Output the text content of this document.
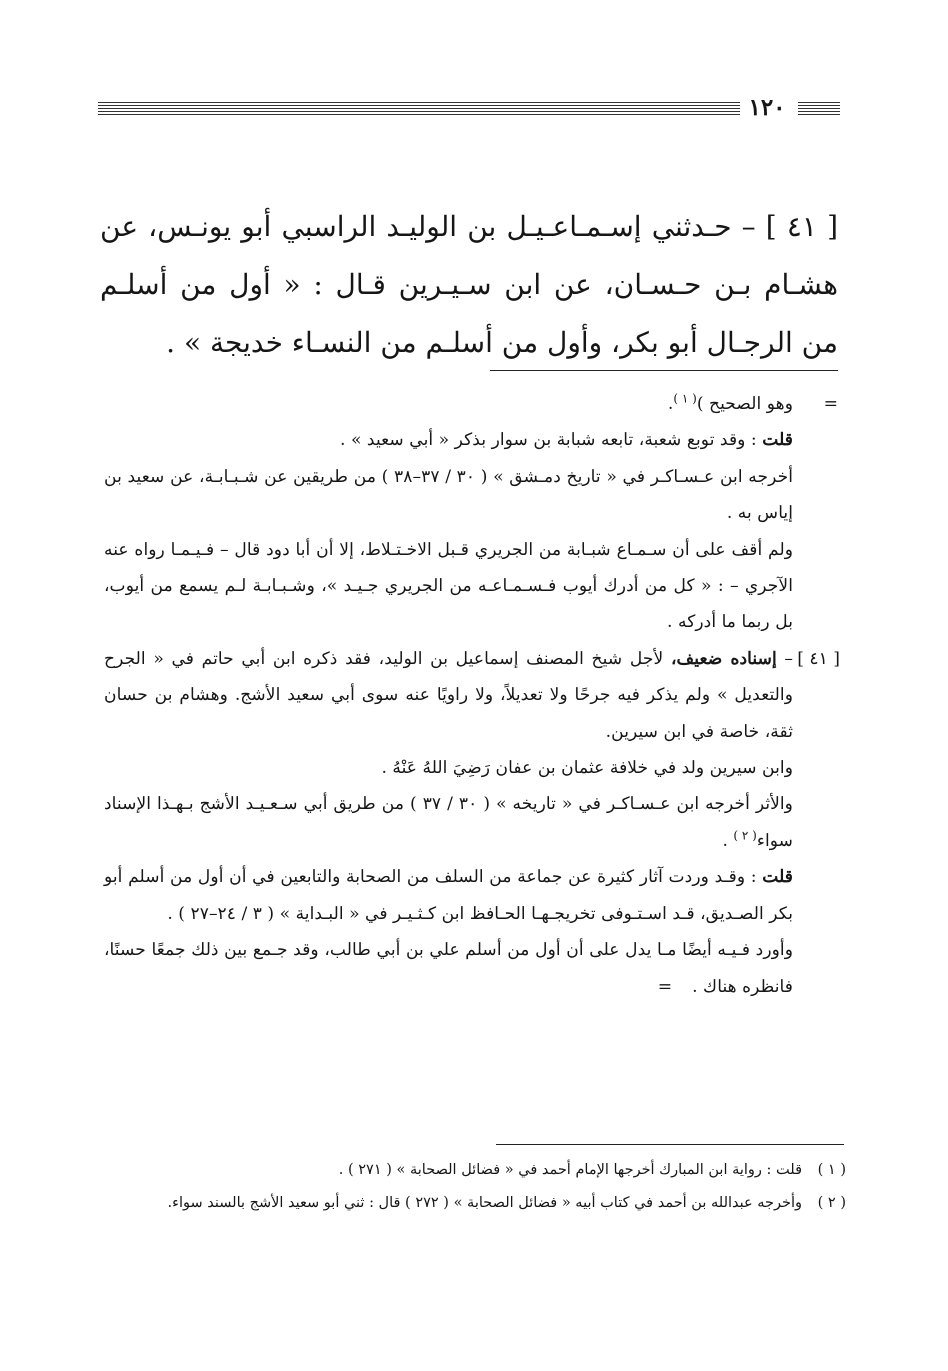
١٢٠

[ ٤١ ] – حـدثني إسـمـاعـيـل بن الوليـد الراسبي أبو يونـس، عن هشـام بـن حـسـان، عن ابن سـيـرين قـال : « أول من أسلـم من الرجـال أبو بكر، وأول من أسلـم من النسـاء خديجة » .

=
وهو الصحيح )$^{( ١ )}$.

قلت : وقد توبع شعبة، تابعه شبابة بن سوار بذكر « أبي سعيد » .

أخرجه ابن عـسـاكـر في « تاريخ دمـشق » ( ٣٠ / ٣٧–٣٨ ) من طريقين عن شـبـابـة، عن سعيد بن إياس به .

ولم أقف على أن سـمـاع شبـابة من الجريري قـبل الاخـتـلاط، إلا أن أبا دود قال – فـيـمـا رواه عنه الآجري – : « كل من أدرك أيوب فـسـمـاعـه من الجريري جـيـد »، وشـبـابـة لـم يسمع من أيوب، بل ربما ما أدركه .

[ ٤١ ]
– إسناده ضعيف، لأجل شيخ المصنف إسماعيل بن الوليد، فقد ذكره ابن أبي حاتم في « الجرح والتعديل » ولم يذكر فيه جرحًا ولا تعديلاً، ولا راويًا عنه سوى أبي سعيد الأشج. وهشام بن حسان ثقة، خاصة في ابن سيرين.

وابن سيرين ولد في خلافة عثمان بن عفان رَضِيَ اللهُ عَنْهُ .

والأثر أخرجه ابن عـسـاكـر في « تاريخه » ( ٣٠ / ٣٧ ) من طريق أبي سـعـيـد الأشج بـهـذا الإسناد سواء$^{( ٢ )}$ .

قلت : وقـد وردت آثار كثيرة عن جماعة من السلف من الصحابة والتابعين في أن أول من أسلم أبو بكر الصـديق، قـد اسـتـوفى تخريجـهـا الحـافظ ابن كـثـيـر في « البـداية » ( ٣ / ٢٤–٢٧ ) .

وأورد فـيـه أيضًا مـا يدل على أن أول من أسلم علي بن أبي طالب، وقد جـمع بين ذلك جمعًا حسنًا، فانظره هناك .=

( ١ )
قلت : رواية ابن المبارك أخرجها الإمام أحمد في « فضائل الصحابة » ( ٢٧١ ) .

( ٢ )
وأخرجه عبدالله بن أحمد في كتاب أبيه « فضائل الصحابة » ( ٢٧٢ ) قال : ثني أبو سعيد الأشج بالسند سواء.
